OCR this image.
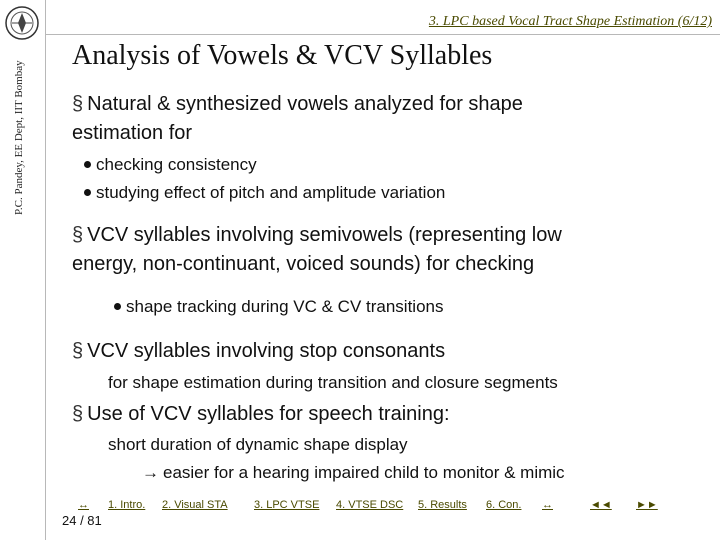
P.C. Pandey, EE Dept, IIT Bombay
3. LPC based Vocal Tract Shape Estimation (6/12)
Analysis of Vowels & VCV Syllables
§ Natural & synthesized vowels analyzed for shape
estimation for
checking consistency
studying effect of pitch and amplitude variation
§ VCV syllables involving semivowels (representing low
energy, non-continuant, voiced sounds) for checking
shape tracking during VC & CV transitions
§ VCV syllables involving stop consonants
for shape estimation during transition and closure segments
§ Use of VCV syllables for speech training:
short duration of dynamic shape display
→ easier for a hearing impaired child to monitor & mimic
↔ 1. Intro. 2. Visual STA 3. LPC VTSE 4. VTSE DSC 5. Results 6. Con. ↔	◄◄ ►►
24 / 81
